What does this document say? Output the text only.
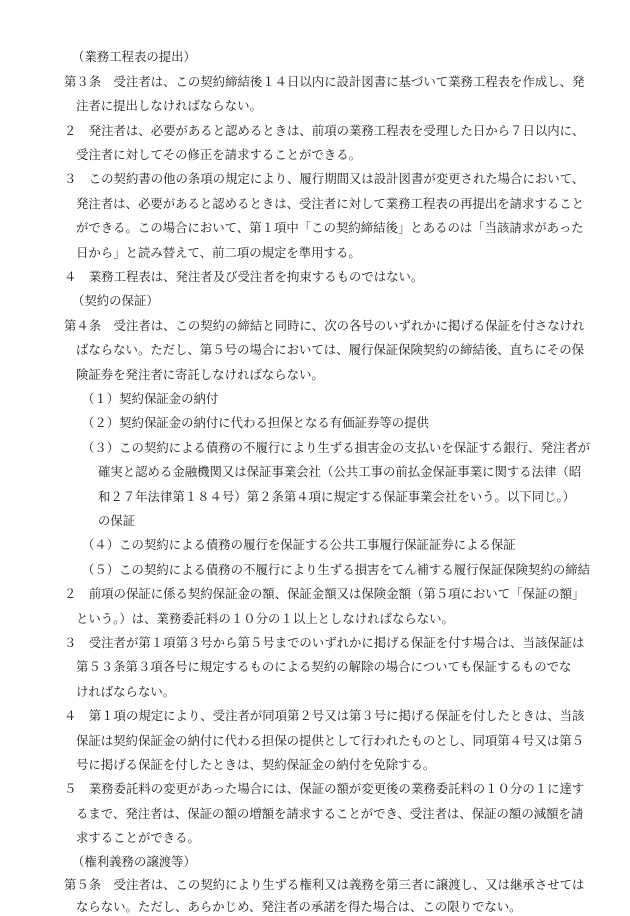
（業務工程表の提出）
第３条　受注者は、この契約締結後１４日以内に設計図書に基づいて業務工程表を作成し、発
注者に提出しなければならない。
２　発注者は、必要があると認めるときは、前項の業務工程表を受理した日から７日以内に、
受注者に対してその修正を請求することができる。
３　この契約書の他の条項の規定により、履行期間又は設計図書が変更された場合において、
発注者は、必要があると認めるときは、受注者に対して業務工程表の再提出を請求すること
ができる。この場合において、第１項中「この契約締結後」とあるのは「当該請求があった
日から」と読み替えて、前二項の規定を準用する。
４　業務工程表は、発注者及び受注者を拘束するものではない。
（契約の保証）
第４条　受注者は、この契約の締結と同時に、次の各号のいずれかに掲げる保証を付さなけれ
ばならない。ただし、第５号の場合においては、履行保証保険契約の締結後、直ちにその保
険証券を発注者に寄託しなければならない。
（１）契約保証金の納付
（２）契約保証金の納付に代わる担保となる有価証券等の提供
（３）この契約による債務の不履行により生ずる損害金の支払いを保証する銀行、発注者が
確実と認める金融機関又は保証事業会社（公共工事の前払金保証事業に関する法律（昭
和２７年法律第１８４号）第２条第４項に規定する保証事業会社をいう。以下同じ。）
の保証
（４）この契約による債務の履行を保証する公共工事履行保証証券による保証
（５）この契約による債務の不履行により生ずる損害をてん補する履行保証保険契約の締結
２　前項の保証に係る契約保証金の額、保証金額又は保険金額（第５項において「保証の額」
という。）は、業務委託料の１０分の１以上としなければならない。
３　受注者が第１項第３号から第５号までのいずれかに掲げる保証を付す場合は、当該保証は
第５３条第３項各号に規定するものによる契約の解除の場合についても保証するものでな
ければならない。
４　第１項の規定により、受注者が同項第２号又は第３号に掲げる保証を付したときは、当該
保証は契約保証金の納付に代わる担保の提供として行われたものとし、同項第４号又は第５
号に掲げる保証を付したときは、契約保証金の納付を免除する。
５　業務委託料の変更があった場合には、保証の額が変更後の業務委託料の１０分の１に達す
るまで、発注者は、保証の額の増額を請求することができ、受注者は、保証の額の減額を請
求することができる。
（権利義務の譲渡等）
第５条　受注者は、この契約により生ずる権利又は義務を第三者に譲渡し、又は継承させては
ならない。ただし、あらかじめ、発注者の承諾を得た場合は、この限りでない。
